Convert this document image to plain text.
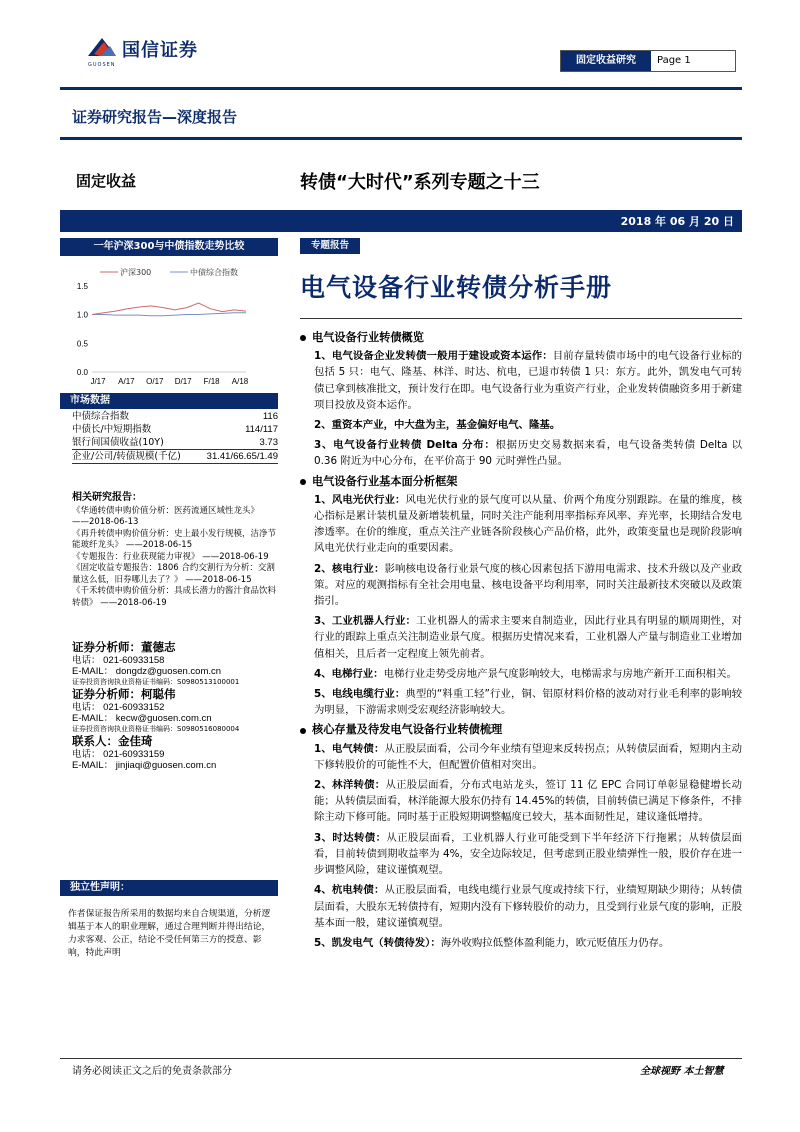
国信证券
GUOSEN	固定收益研究	Page 1
证券研究报告—深度报告
固定收益	转债“大时代”系列专题之十三
2018 年 06 月 20 日
一年沪深300与中债指数走势比较
沪深300	中债综合指数
1.5
1.0
0.5
0.0
J/17 A/17 O/17 D/17 F/18 A/18
市场数据
中债综合指数	116
中债长/中短期指数	114/117
银行间国债收益(10Y)	3.73
企业/公司/转债规模(千亿)	31.41/66.65/1.49
相关研究报告：
《华通转债申购价值分析：医药流通区域性龙头》 ——2018-06-13
《再升转债申购价值分析：史上最小发行规模，洁净节能玻纤龙头》 ——2018-06-15
《专题报告：行业获现能力审视》 ——2018-06-19
《固定收益专题报告：1806 合约交割行为分析：交割量这么低，旧券哪儿去了？》 ——2018-06-15
《千禾转债申购价值分析：具成长潜力的酱汁食品饮料转债》 ——2018-06-19
证券分析师：董德志
电话： 021-60933158
E-MAIL： dongdz@guosen.com.cn
证券投资咨询执业资格证书编码：S0980513100001
证券分析师：柯聪伟
电话： 021-60933152
E-MAIL： kecw@guosen.com.cn
证券投资咨询执业资格证书编码：S0980516080004
联系人：金佳琦
电话： 021-60933159
E-MAIL： jinjiaqi@guosen.com.cn
独立性声明：
作者保证报告所采用的数据均来自合规渠道，分析逻辑基于本人的职业理解，通过合理判断并得出结论，力求客观、公正，结论不受任何第三方的授意、影响，特此声明
专题报告
电气设备行业转债分析手册
电气设备行业转债概览
1、电气设备企业发转债一般用于建设或资本运作：目前存量转债市场中的电气设备行业标的包括 5 只：电气、隆基、林洋、时达、杭电，已退市转债 1 只：东方。此外，凯发电气可转债已拿到核准批文，预计发行在即。电气设备行业为重资产行业，企业发转债融资多用于新建项目投放及资本运作。
2、重资本产业，中大盘为主，基金偏好电气、隆基。
3、电气设备行业转债 Delta 分布：根据历史交易数据来看，电气设备类转债 Delta 以 0.36 附近为中心分布，在平价高于 90 元时弹性凸显。
电气设备行业基本面分析框架
1、风电光伏行业：风电光伏行业的景气度可以从量、价两个角度分别跟踪。在量的维度，核心指标是累计装机量及新增装机量，同时关注产能利用率指标弃风率、弃光率，长期结合发电渗透率。在价的维度，重点关注产业链各阶段核心产品价格，此外，政策变量也是现阶段影响风电光伏行业走向的重要因素。
2、核电行业：影响核电设备行业景气度的核心因素包括下游用电需求、技术升级以及产业政策。对应的观测指标有全社会用电量、核电设备平均利用率，同时关注最新技术突破以及政策指引。
3、工业机器人行业：工业机器人的需求主要来自制造业，因此行业具有明显的顺周期性，对行业的跟踪上重点关注制造业景气度。根据历史情况来看，工业机器人产量与制造业工业增加值相关，且后者一定程度上领先前者。
4、电梯行业：电梯行业走势受房地产景气度影响较大，电梯需求与房地产新开工面积相关。
5、电线电缆行业：典型的“料重工轻”行业，铜、铝原材料价格的波动对行业毛利率的影响较为明显，下游需求则受宏观经济影响较大。
核心存量及待发电气设备行业转债梳理
1、电气转债：从正股层面看，公司今年业绩有望迎来反转拐点；从转债层面看，短期内主动下修转股价的可能性不大，但配置价值相对突出。
2、林洋转债：从正股层面看，分布式电站龙头，签订 11 亿 EPC 合同订单彰显稳健增长动能；从转债层面看，林洋能源大股东仍持有 14.45%的转债，目前转债已满足下修条件，不排除主动下修可能。同时基于正股短期调整幅度已较大，基本面韧性足，建议逢低增持。
3、时达转债：从正股层面看，工业机器人行业可能受到下半年经济下行拖累；从转债层面看，目前转债到期收益率为 4%，安全边际较足，但考虑到正股业绩弹性一般，股价存在进一步调整风险，建议谨慎观望。
4、杭电转债：从正股层面看，电线电缆行业景气度或持续下行，业绩短期缺少期待；从转债层面看，大股东无转债持有，短期内没有下修转股价的动力，且受到行业景气度的影响，正股基本面一般，建议谨慎观望。
5、凯发电气（转债待发）：海外收购拉低整体盈利能力，欧元贬值压力仍存。
请务必阅读正文之后的免责条款部分	全球视野 本土智慧
